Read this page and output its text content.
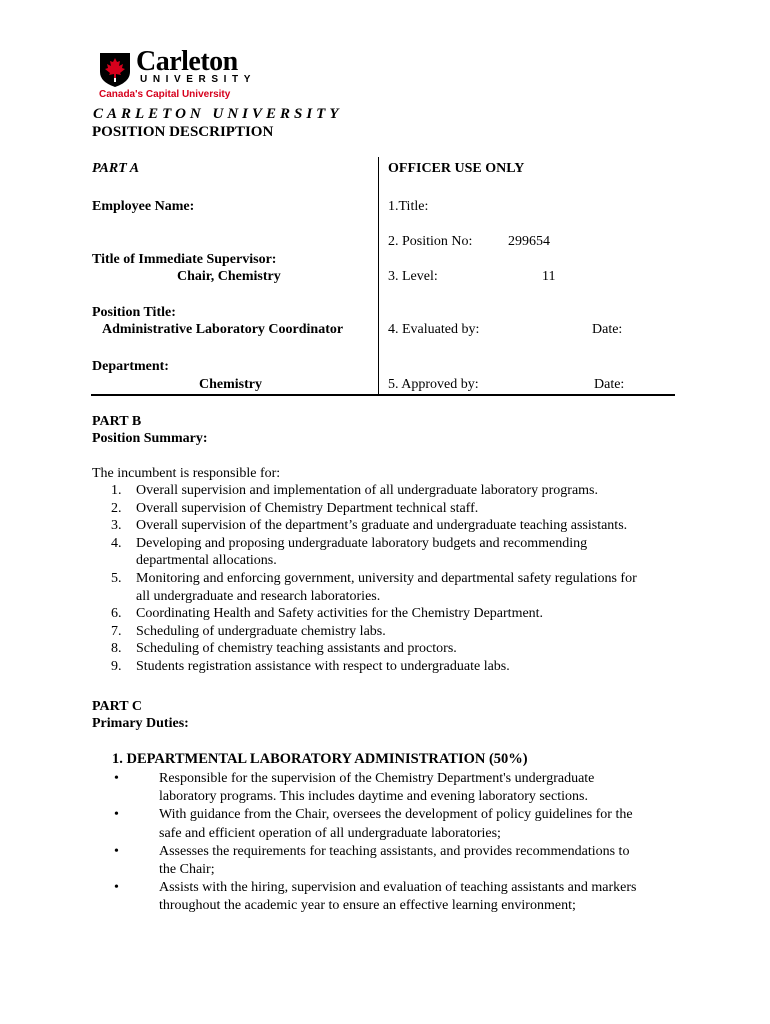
Carleton
UNIVERSITY
Canada's Capital University
CARLETON UNIVERSITY
POSITION DESCRIPTION
PART A
Employee Name:
Title of Immediate Supervisor:
Chair, Chemistry
Position Title:
Administrative Laboratory Coordinator
Department:
Chemistry
OFFICER USE ONLY
1.Title:
2. Position No:	299654
3. Level:	11
4. Evaluated by:	Date:
5. Approved by:	Date:
PART B
Position Summary:
The incumbent is responsible for:
1. Overall supervision and implementation of all undergraduate laboratory programs.
2. Overall supervision of Chemistry Department technical staff.
3. Overall supervision of the department’s graduate and undergraduate teaching assistants.
4. Developing and proposing undergraduate laboratory budgets and recommending
departmental allocations.
5. Monitoring and enforcing government, university and departmental safety regulations for
all undergraduate and research laboratories.
6. Coordinating Health and Safety activities for the Chemistry Department.
7. Scheduling of undergraduate chemistry labs.
8. Scheduling of chemistry teaching assistants and proctors.
9. Students registration assistance with respect to undergraduate labs.
PART C
Primary Duties:
1. DEPARTMENTAL LABORATORY ADMINISTRATION (50%)
•	Responsible for the supervision of the Chemistry Department's undergraduate
laboratory programs. This includes daytime and evening laboratory sections.
•	With guidance from the Chair, oversees the development of policy guidelines for the
safe and efficient operation of all undergraduate laboratories;
•	Assesses the requirements for teaching assistants, and provides recommendations to
the Chair;
•	Assists with the hiring, supervision and evaluation of teaching assistants and markers
throughout the academic year to ensure an effective learning environment;
